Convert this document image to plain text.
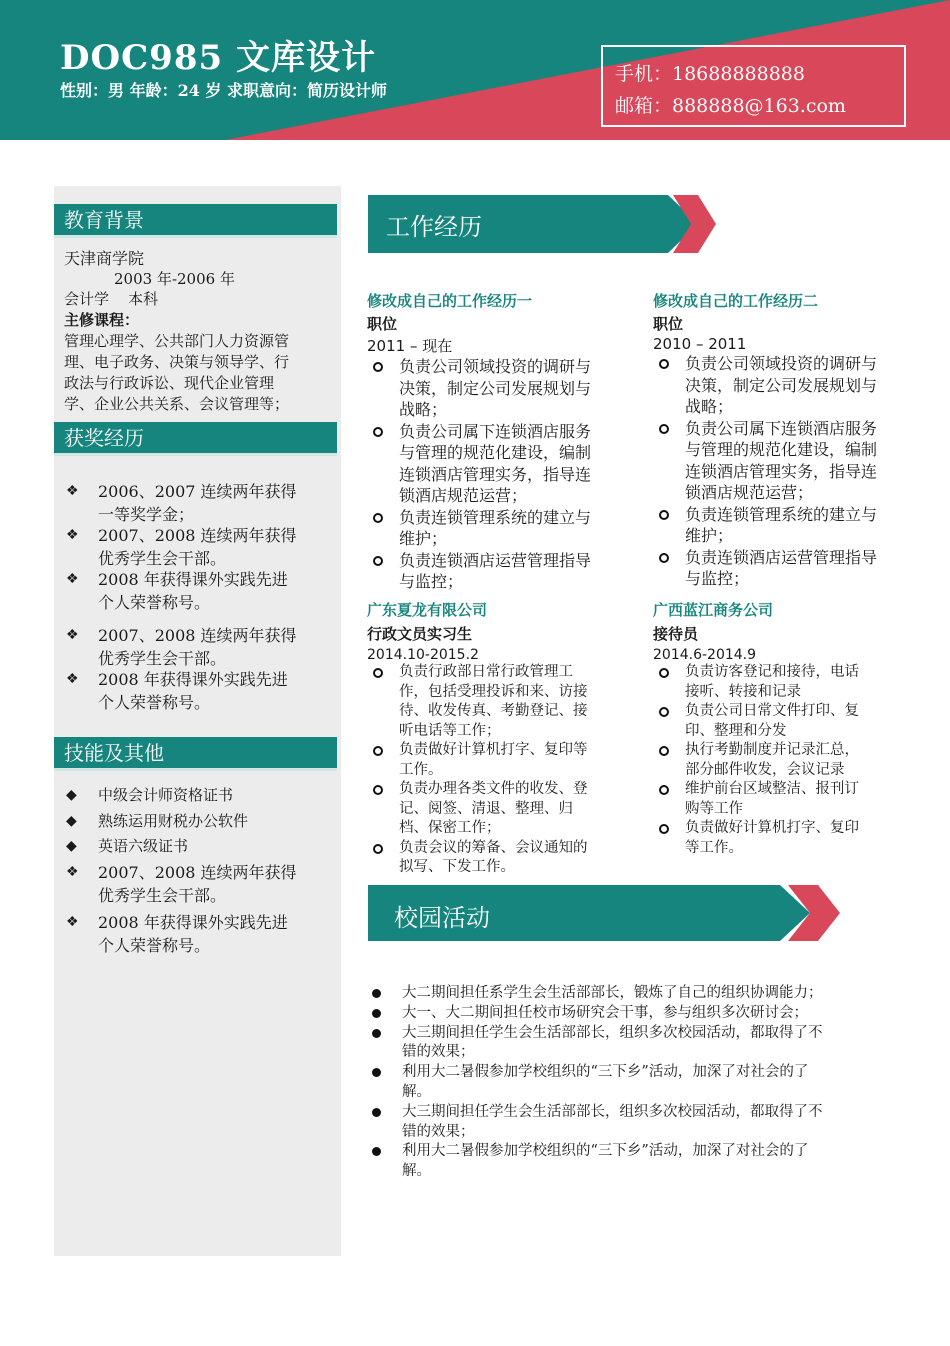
DOC985 文库设计
性别：男 年龄：24 岁 求职意向：简历设计师
手机：18688888888
邮箱：888888@163.com
教育背景
天津商学院
2003 年-2006 年
会计学    本科
主修课程：
管理心理学、公共部门人力资源管
理、电子政务、决策与领导学、行
政法与行政诉讼、现代企业管理
学、企业公共关系、会议管理等；
获奖经历
❖ 2006、2007 连续两年获得
一等奖学金；
❖ 2007、2008 连续两年获得
优秀学生会干部。
❖ 2008 年获得课外实践先进
个人荣誉称号。
❖ 2007、2008 连续两年获得
优秀学生会干部。
❖ 2008 年获得课外实践先进
个人荣誉称号。
技能及其他
◆ 中级会计师资格证书
◆ 熟练运用财税办公软件
◆ 英语六级证书
❖ 2007、2008 连续两年获得
优秀学生会干部。
❖ 2008 年获得课外实践先进
个人荣誉称号。
工作经历
修改成自己的工作经历一
职位
2011 – 现在
负责公司领域投资的调研与
决策，制定公司发展规划与
战略；
负责公司属下连锁酒店服务
与管理的规范化建设，编制
连锁酒店管理实务，指导连
锁酒店规范运营；
负责连锁管理系统的建立与
维护；
负责连锁酒店运营管理指导
与监控；
修改成自己的工作经历二
职位
2010 – 2011
负责公司领域投资的调研与
决策，制定公司发展规划与
战略；
负责公司属下连锁酒店服务
与管理的规范化建设，编制
连锁酒店管理实务，指导连
锁酒店规范运营；
负责连锁管理系统的建立与
维护；
负责连锁酒店运营管理指导
与监控；
广东夏龙有限公司
行政文员实习生
2014.10-2015.2
负责行政部日常行政管理工
作，包括受理投诉和来、访接
待、收发传真、考勤登记、接
听电话等工作；
负责做好计算机打字、复印等
工作。
负责办理各类文件的收发、登
记、阅签、清退、整理、归
档、保密工作；
负责会议的筹备、会议通知的
拟写、下发工作。
广西蓝江商务公司
接待员
2014.6-2014.9
负责访客登记和接待，电话
接听、转接和记录
负责公司日常文件打印、复
印、整理和分发
执行考勤制度并记录汇总，
部分邮件收发，会议记录
维护前台区域整洁、报刊订
购等工作
负责做好计算机打字、复印
等工作。
校园活动
大二期间担任系学生会生活部部长，锻炼了自己的组织协调能力；
大一、大二期间担任校市场研究会干事，参与组织多次研讨会；
大三期间担任学生会生活部部长，组织多次校园活动，都取得了不
错的效果；
利用大二暑假参加学校组织的“三下乡”活动，加深了对社会的了
解。
大三期间担任学生会生活部部长，组织多次校园活动，都取得了不
错的效果；
利用大二暑假参加学校组织的“三下乡”活动，加深了对社会的了
解。
